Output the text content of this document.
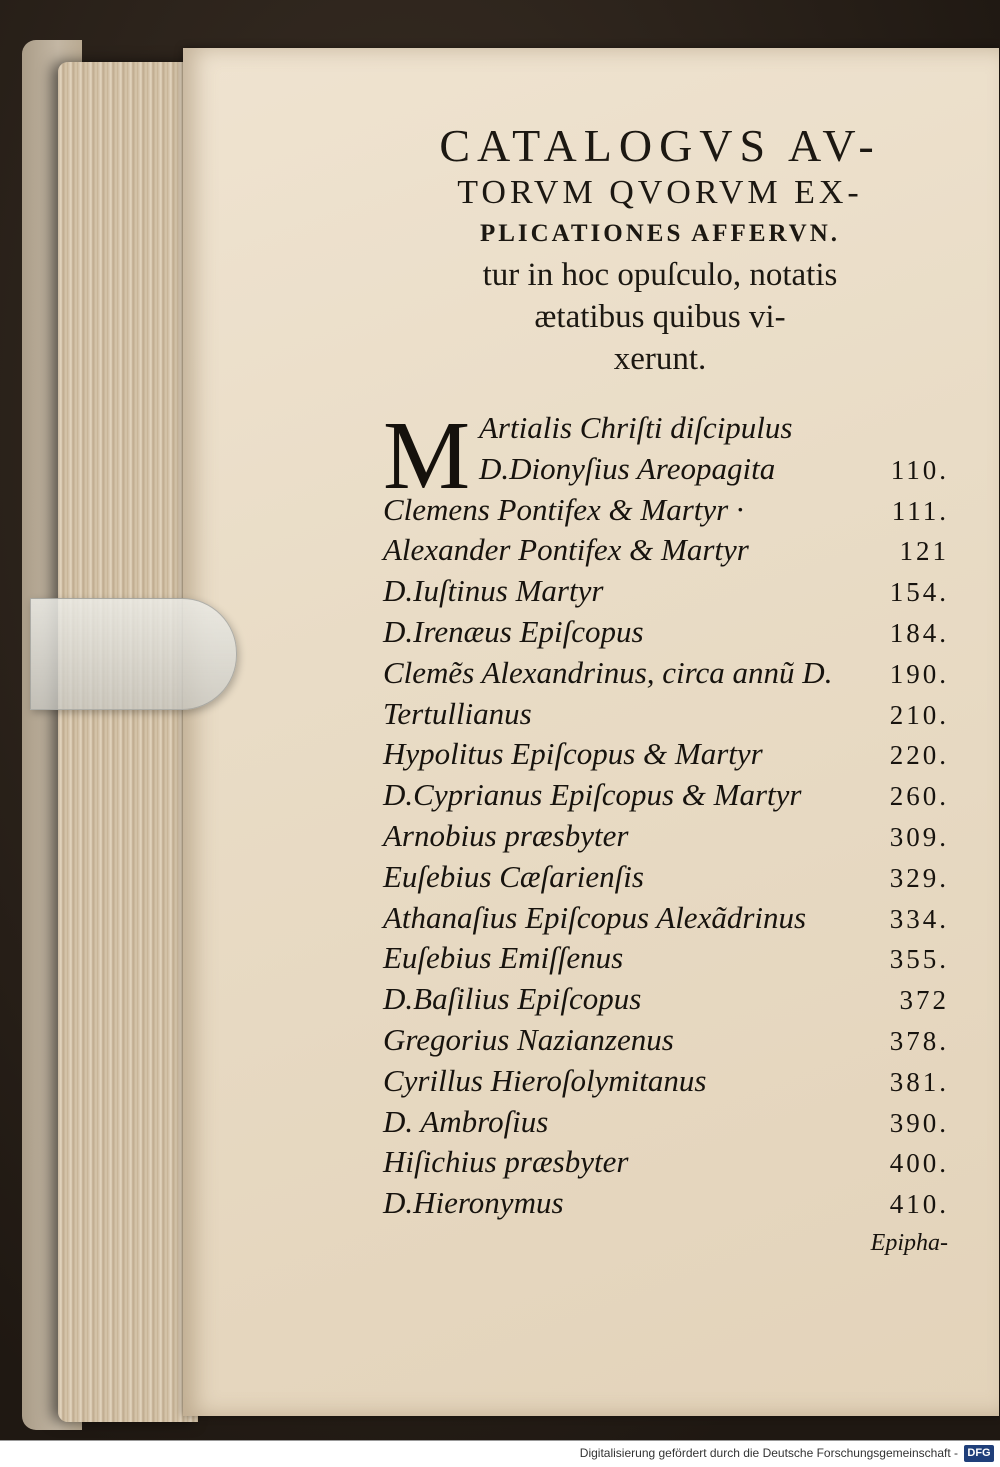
CATALOGVS AV-

TORVM QVORVM EX-

PLICATIONES AFFERVN.

tur in hoc opuſculo, notatis

ætatibus quibus vi-

xerunt.

M Artialis Chriſti diſcipulus
D.Dionyſius Areopagita	110.
Clemens Pontifex & Martyr ·	111.
Alexander Pontifex & Martyr	121
D.Iuſtinus Martyr	154.
D.Irenæus Epiſcopus	184.
Clemẽs Alexandrinus, circa annũ D. 190.
Tertullianus	210.
Hypolitus Epiſcopus & Martyr	220.
D.Cyprianus Epiſcopus & Martyr	260.
Arnobius præsbyter	309.
Euſebius Cæſarienſis	329.
Athanaſius Epiſcopus Alexãdrinus	334.
Euſebius Emiſſenus	355.
D.Baſilius Epiſcopus	372
Gregorius Nazianzenus	378.
Cyrillus Hieroſolymitanus	381.
D. Ambroſius	390.
Hiſichius præsbyter	400.
D.Hieronymus	410.
Epipha-
Digitalisierung gefördert durch die Deutsche Forschungsgemeinschaft - DFG
